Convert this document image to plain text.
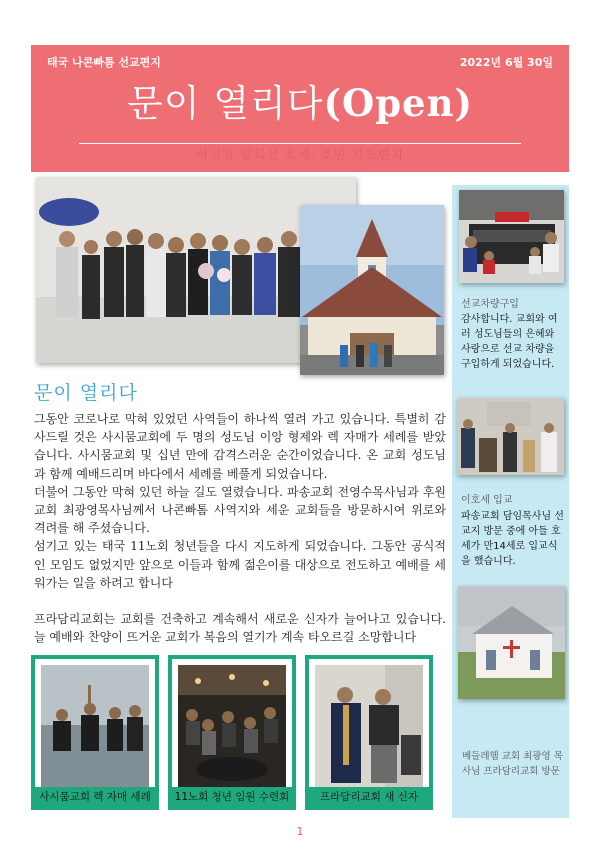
태국 나콘빠톰 선교편지	2022년 6월 30일
문이 열리다(Open)
이선일 임회선 호세, 호민 기도편지
선교차량구입
감사합니다. 교회와 여러 성도님들의 은혜와 사랑으로 선교 차량을 구입하게 되었습니다.
이호세 입교
파송교회 담임목사님 선교지 방문 중에 아들 호세가 만14세로 입교식을 했습니다.
베들레헴 교회 최광영 목사님 프라담리교회 방문
문이 열리다

그동안 코로나로 막혀 있었던 사역들이 하나씩 열려 가고 있습니다. 특별히 감사드릴 것은 사시뭄교회에 두 명의 성도님 이앙 형제와 렉 자매가 세례를 받았습니다. 사시뭄교회 및 십년 만에 감격스러운 순간이었습니다. 온 교회 성도님과 함께 예배드리며 바다에서 세례를 베풀게 되었습니다.

더불어 그동안 막혀 있던 하늘 길도 열렸습니다. 파송교회 전영수목사님과 후원교회 최광영목사님께서 나콘빠톰 사역지와 세운 교회들을 방문하시여 위로와 격려를 해 주셨습니다.

섬기고 있는 태국 11노회 청년들을 다시 지도하게 되었습니다. 그동안 공식적인 모임도 없었지만 앞으로 이들과 함께 젊은이를 대상으로 전도하고 예배를 세워가는 일을 하려고 합니다

프라담리교회는 교회를 건축하고 계속해서 새로운 신자가 늘어나고 있습니다. 늘 예배와 찬양이 뜨거운 교회가 복음의 열기가 계속 타오르길 소망합니다

사시뭄교회 렉 자매 세례	11노회 청년 임원 수련회	프라담리교회 새 신자
1
